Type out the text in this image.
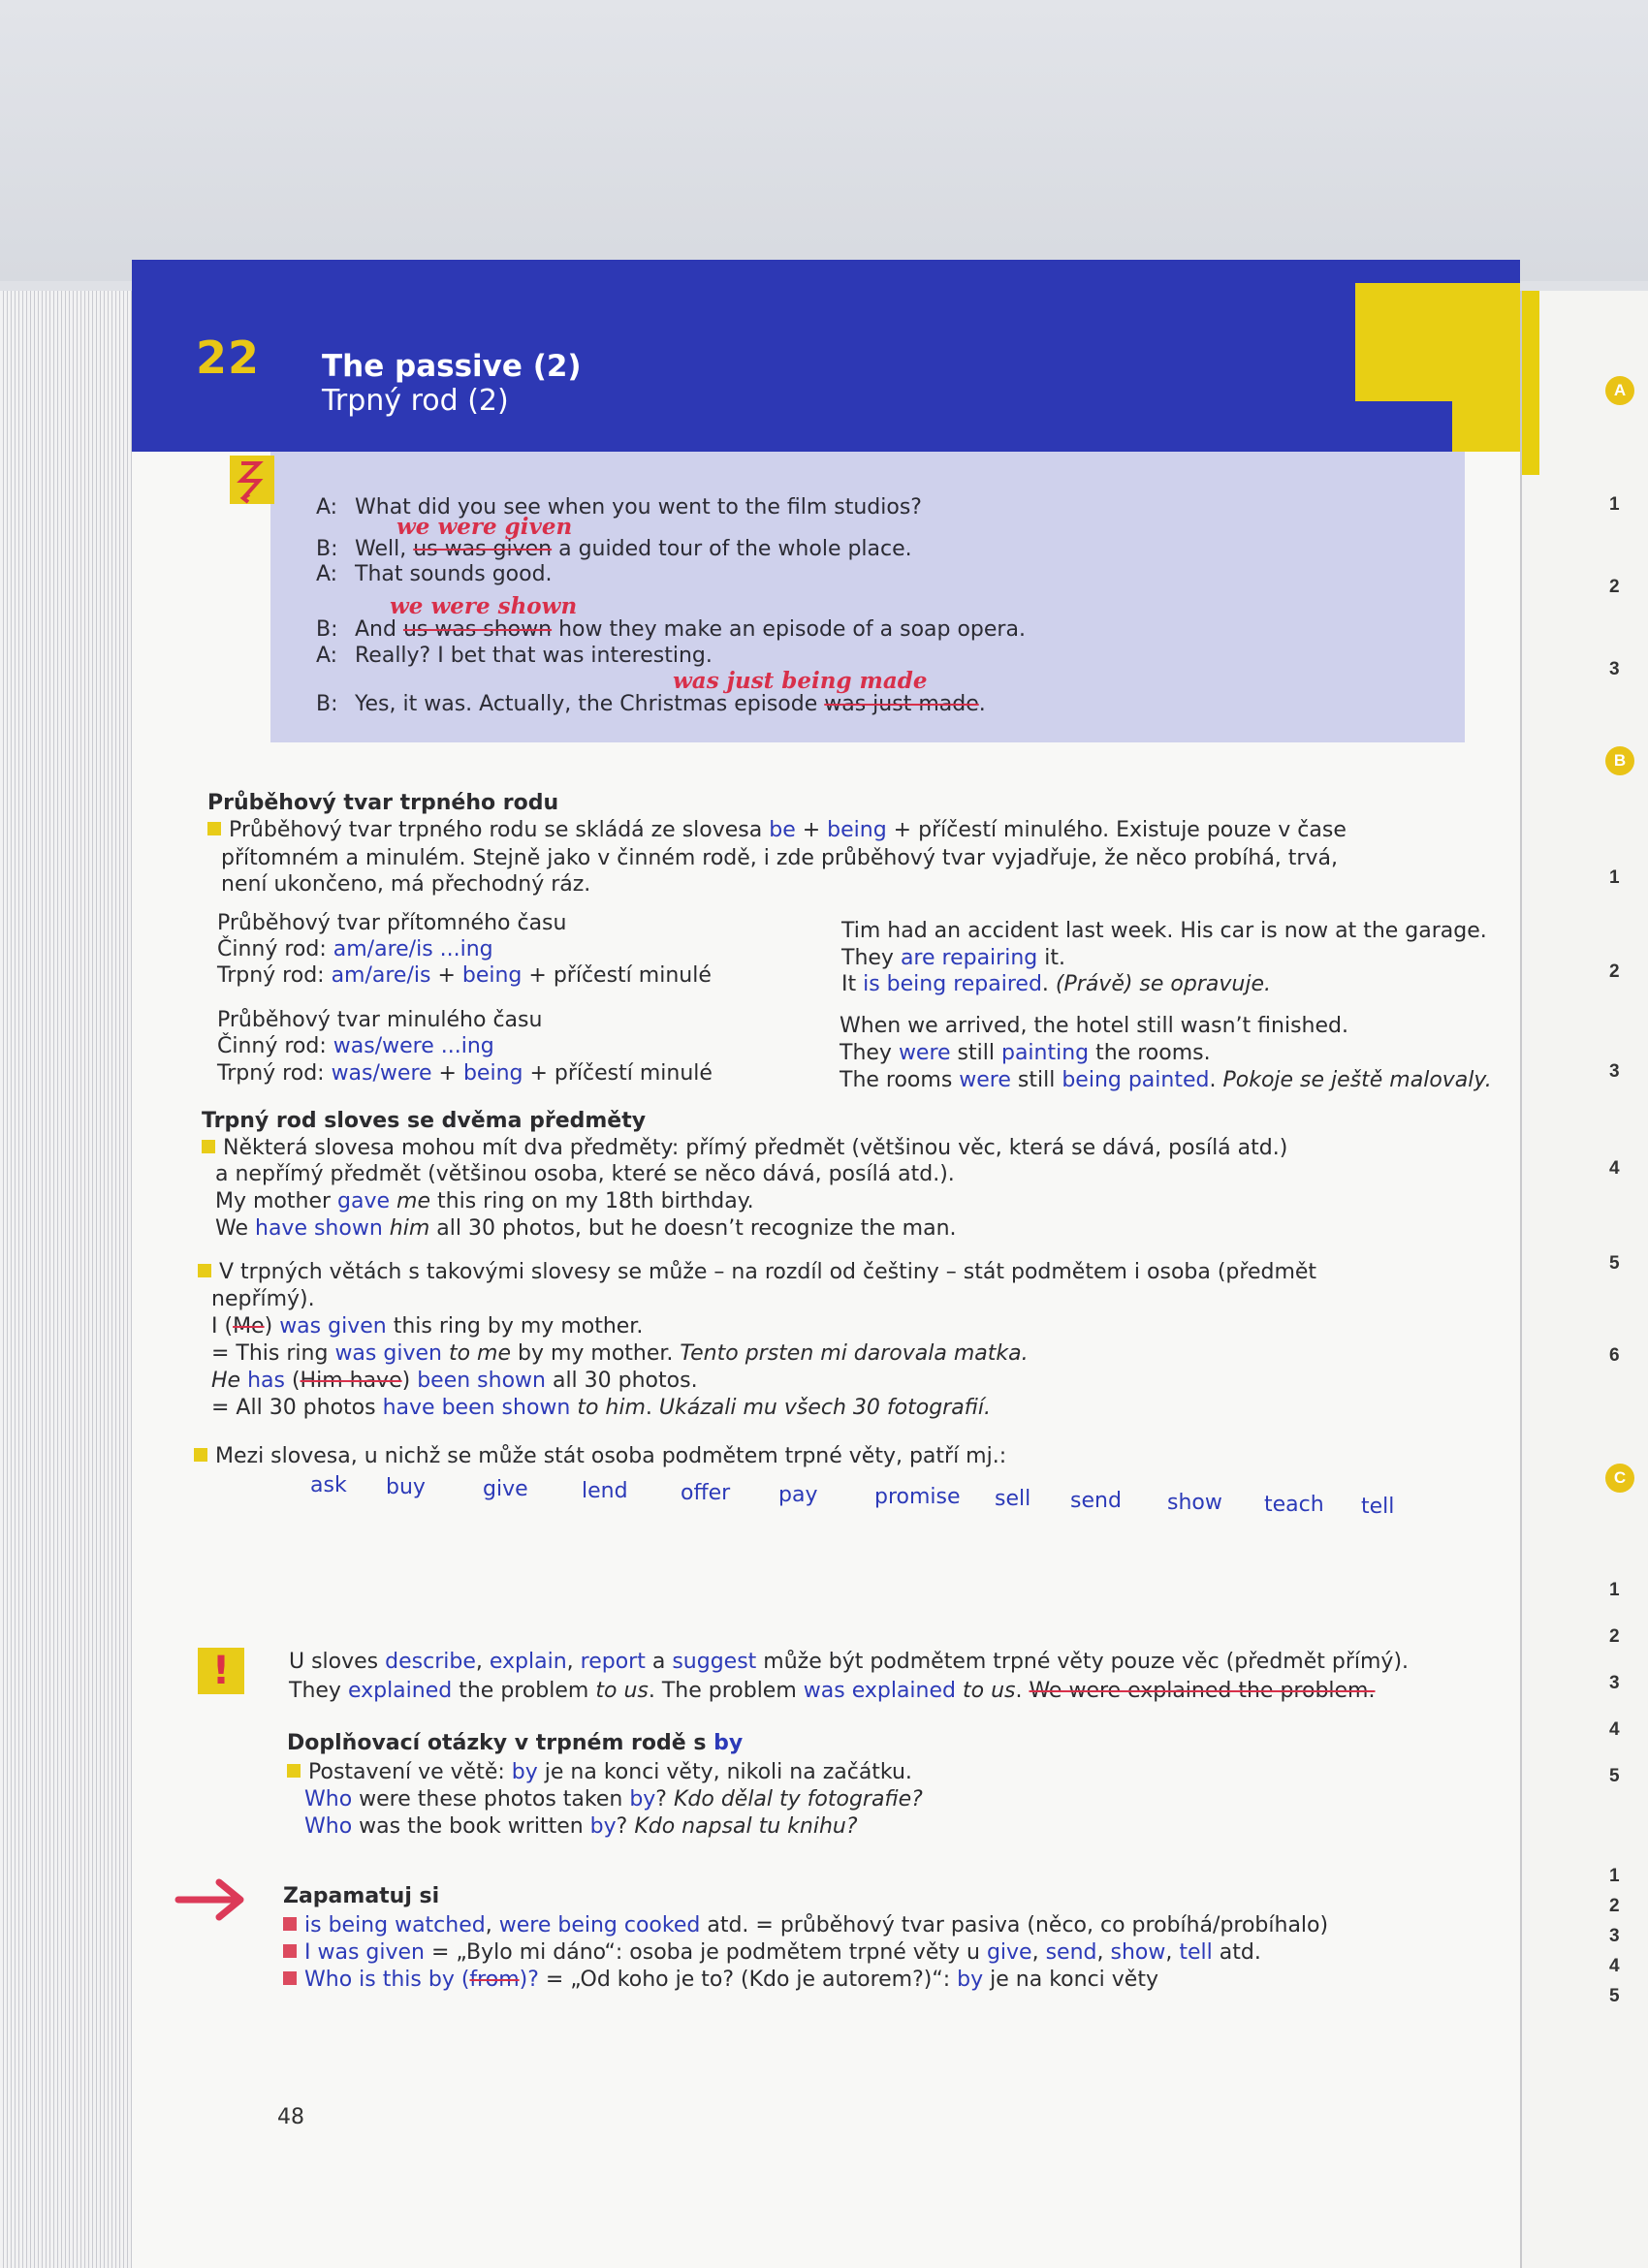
A
B
C
1
2
3
1
2
3
4
5
6
1
2
3
4
5
1
2
3
4
5
22 The passive (2)
Trpný rod (2)
A: What did you see when you went to the film studios?
we were given
B: Well, us was given a guided tour of the whole place.
A: That sounds good.
we were shown
B: And us was shown how they make an episode of a soap opera.
A: Really? I bet that was interesting.
was just being made
B: Yes, it was. Actually, the Christmas episode was just made.
Průběhový tvar trpného rodu
Průběhový tvar trpného rodu se skládá ze slovesa be + being + příčestí minulého. Existuje pouze v čase
přítomném a minulém. Stejně jako v činném rodě, i zde průběhový tvar vyjadřuje, že něco probíhá, trvá,
není ukončeno, má přechodný ráz.
Průběhový tvar přítomného času
Činný rod: am/are/is ...ing
Trpný rod: am/are/is + being + příčestí minulé
Tim had an accident last week. His car is now at the garage.
They are repairing it.
It is being repaired. (Právě) se opravuje.
Průběhový tvar minulého času
Činný rod: was/were ...ing
Trpný rod: was/were + being + příčestí minulé
When we arrived, the hotel still wasn’t finished.
They were still painting the rooms.
The rooms were still being painted. Pokoje se ještě malovaly.
Trpný rod sloves se dvěma předměty
Některá slovesa mohou mít dva předměty: přímý předmět (většinou věc, která se dává, posílá atd.)
a nepřímý předmět (většinou osoba, které se něco dává, posílá atd.).
My mother gave me this ring on my 18th birthday.
We have shown him all 30 photos, but he doesn’t recognize the man.
V trpných větách s takovými slovesy se může – na rozdíl od češtiny – stát podmětem i osoba (předmět
nepřímý).
I (Me) was given this ring by my mother.
= This ring was given to me by my mother. Tento prsten mi darovala matka.
He has (Him have) been shown all 30 photos.
= All 30 photos have been shown to him. Ukázali mu všech 30 fotografií.
Mezi slovesa, u nichž se může stát osoba podmětem trpné věty, patří mj.:
ask buy	give	lend offer pay	promise sell send show teach tell
!	U sloves describe, explain, report a suggest může být podmětem trpné věty pouze věc (předmět přímý).
They explained the problem to us. The problem was explained to us. We were explained the problem.
Doplňovací otázky v trpném rodě s by
Postavení ve větě: by je na konci věty, nikoli na začátku.
Who were these photos taken by? Kdo dělal ty fotografie?
Who was the book written by? Kdo napsal tu knihu?
Zapamatuj si
is being watched, were being cooked atd. = průběhový tvar pasiva (něco, co probíhá/probíhalo)
I was given = „Bylo mi dáno“: osoba je podmětem trpné věty u give, send, show, tell atd.
Who is this by (from)? = „Od koho je to? (Kdo je autorem?)“: by je na konci věty
48
